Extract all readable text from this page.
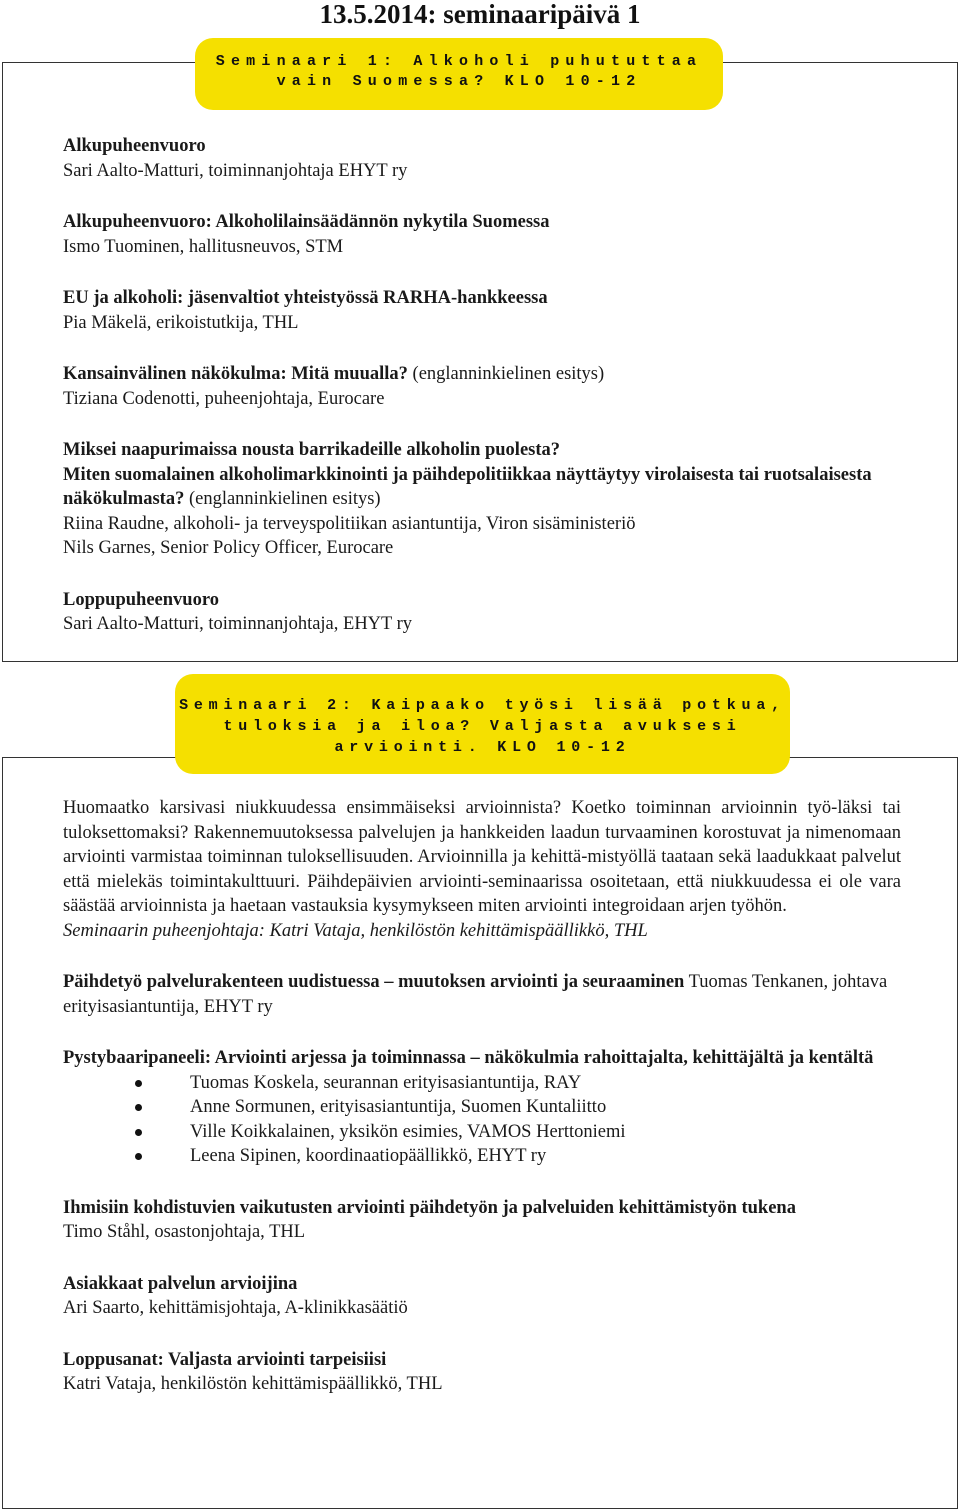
13.5.2014: seminaaripäivä 1
Seminaari 1: Alkoholi puhututtaa
vain Suomessa? KLO 10-12
Alkupuheenvuoro
Sari Aalto-Matturi, toiminnanjohtaja EHYT ry
Alkupuheenvuoro: Alkoholilainsäädännön nykytila Suomessa
Ismo Tuominen, hallitusneuvos, STM
EU ja alkoholi: jäsenvaltiot yhteistyössä RARHA-hankkeessa
Pia Mäkelä, erikoistutkija, THL
Kansainvälinen näkökulma: Mitä muualla? (englanninkielinen esitys)
Tiziana Codenotti, puheenjohtaja, Eurocare
Miksei naapurimaissa nousta barrikadeille alkoholin puolesta?
Miten suomalainen alkoholimarkkinointi ja päihdepolitiikkaa näyttäytyy virolaisesta tai ruotsalaisesta näkökulmasta? (englanninkielinen esitys)
Riina Raudne, alkoholi- ja terveyspolitiikan asiantuntija, Viron sisäministeriö
Nils Garnes, Senior Policy Officer, Eurocare
Loppupuheenvuoro
Sari Aalto-Matturi, toiminnanjohtaja, EHYT ry
Seminaari 2: Kaipaako työsi lisää potkua,
tuloksia ja iloa? Valjasta avuksesi
arviointi. KLO 10-12

Huomaatko karsivasi niukkuudessa ensimmäiseksi arvioinnista? Koetko toiminnan arvioinnin työ-läksi tai tuloksettomaksi? Rakennemuutoksessa palvelujen ja hankkeiden laadun turvaaminen korostuvat ja nimenomaan arviointi varmistaa toiminnan tuloksellisuuden. Arvioinnilla ja kehittä-mistyöllä taataan sekä laadukkaat palvelut että mielekäs toimintakulttuuri. Päihdepäivien arviointi-seminaarissa osoitetaan, että niukkuudessa ei ole vara säästää arvioinnista ja haetaan vastauksia kysymykseen miten arviointi integroidaan arjen työhön.

Seminaarin puheenjohtaja: Katri Vataja, henkilöstön kehittämispäällikkö, THL
Päihdetyö palvelurakenteen uudistuessa – muutoksen arviointi ja seuraaminen Tuomas Tenkanen, johtava erityisasiantuntija, EHYT ry
Pystybaaripaneeli: Arviointi arjessa ja toiminnassa – näkökulmia rahoittajalta, kehittäjältä ja kentältä
Tuomas Koskela, seurannan erityisasiantuntija, RAY
Anne Sormunen, erityisasiantuntija, Suomen Kuntaliitto
Ville Koikkalainen, yksikön esimies, VAMOS Herttoniemi
Leena Sipinen, koordinaatiopäällikkö, EHYT ry
Ihmisiin kohdistuvien vaikutusten arviointi päihdetyön ja palveluiden kehittämistyön tukena
Timo Ståhl, osastonjohtaja, THL
Asiakkaat palvelun arvioijina
Ari Saarto, kehittämisjohtaja, A-klinikkasäätiö
Loppusanat: Valjasta arviointi tarpeisiisi
Katri Vataja, henkilöstön kehittämispäällikkö, THL
